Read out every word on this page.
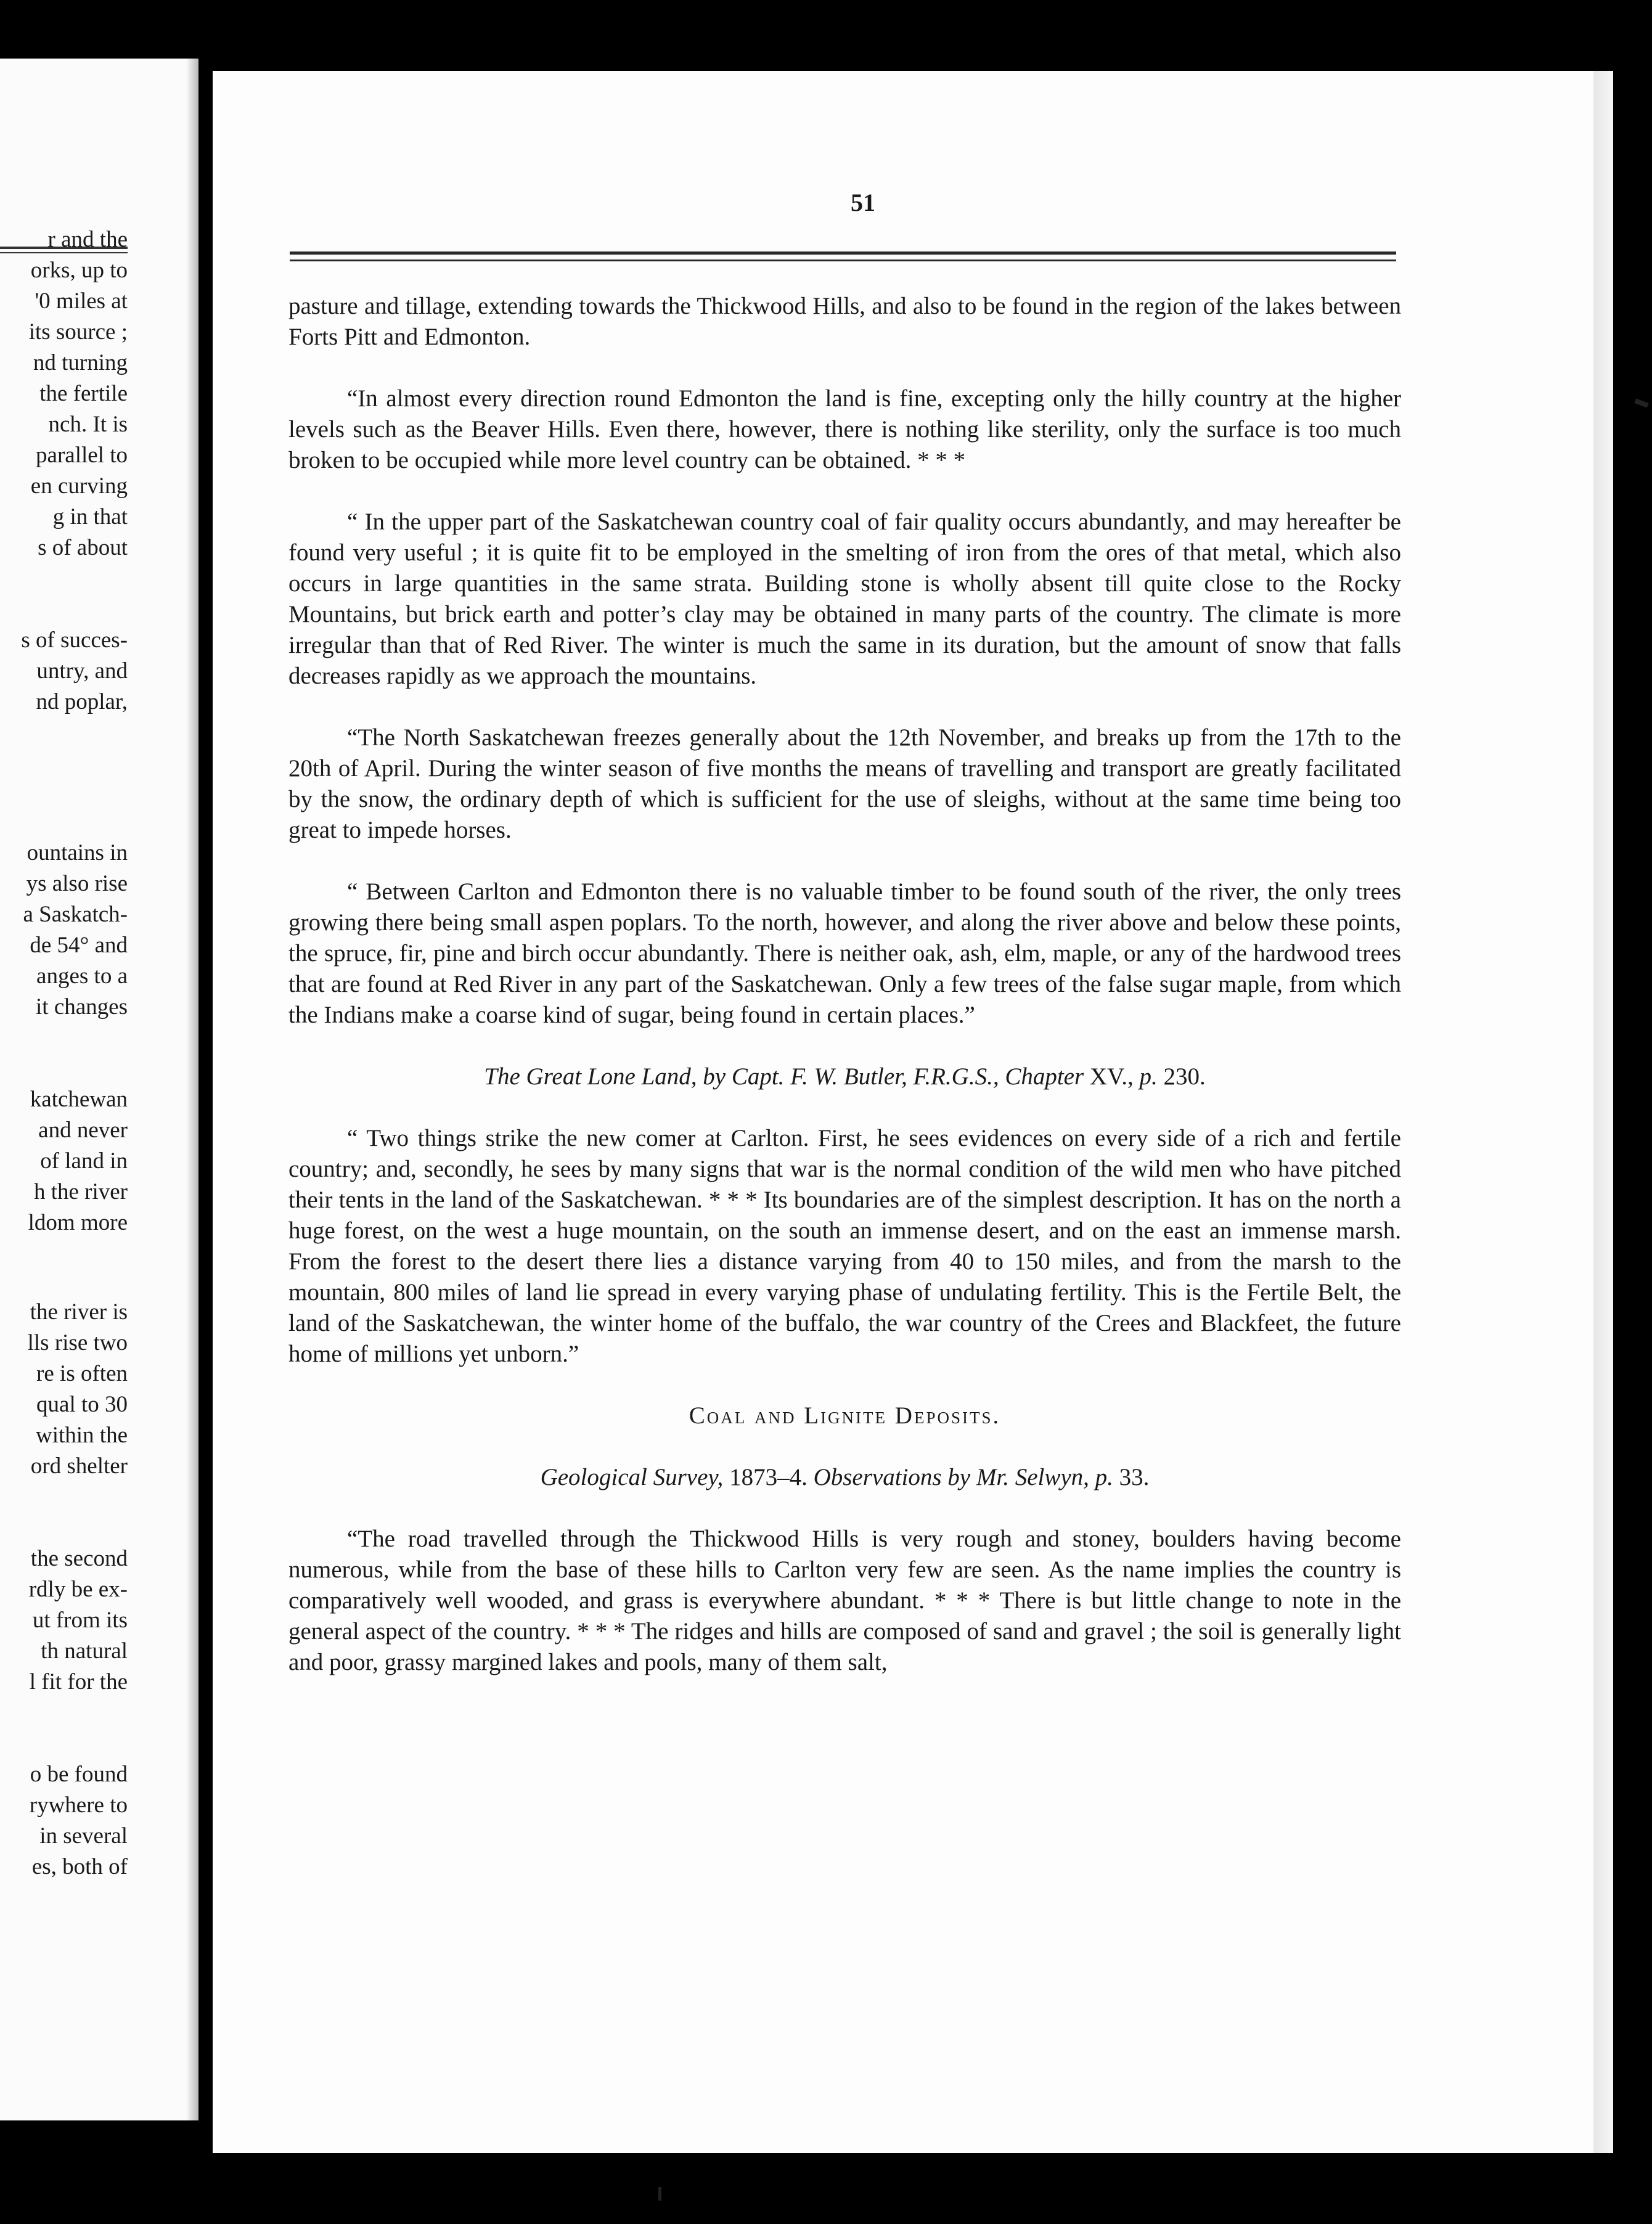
r and the
orks, up to
'0 miles at
its source ;
nd turning
the fertile
nch. It is
parallel to
en curving
g in that
s of about
s of succes-
untry, and
nd poplar,
ountains in
ys also rise
a Saskatch-
de 54° and
anges to a
it changes
katchewan
and never
of land in
h the river
ldom more
the river is
lls rise two
re is often
qual to 30
within the
ord shelter
the second
rdly be ex-
ut from its
th natural
l fit for the
o be found
rywhere to
in several
es, both of
51

pasture and tillage, extending towards the Thickwood Hills, and also to be found in the region of the lakes between Forts Pitt and Edmonton.

“In almost every direction round Edmonton the land is fine, excepting only the hilly country at the higher levels such as the Beaver Hills. Even there, however, there is nothing like sterility, only the surface is too much broken to be occupied while more level country can be obtained. * * *

“ In the upper part of the Saskatchewan country coal of fair quality occurs abundantly, and may hereafter be found very useful ; it is quite fit to be employed in the smelting of iron from the ores of that metal, which also occurs in large quantities in the same strata. Building stone is wholly absent till quite close to the Rocky Mountains, but brick earth and potter’s clay may be obtained in many parts of the country. The climate is more irregular than that of Red River. The winter is much the same in its duration, but the amount of snow that falls decreases rapidly as we approach the mountains.

“The North Saskatchewan freezes generally about the 12th November, and breaks up from the 17th to the 20th of April. During the winter season of five months the means of travelling and transport are greatly facilitated by the snow, the ordinary depth of which is sufficient for the use of sleighs, without at the same time being too great to impede horses.

“ Between Carlton and Edmonton there is no valuable timber to be found south of the river, the only trees growing there being small aspen poplars. To the north, however, and along the river above and below these points, the spruce, fir, pine and birch occur abundantly. There is neither oak, ash, elm, maple, or any of the hardwood trees that are found at Red River in any part of the Saskatchewan. Only a few trees of the false sugar maple, from which the Indians make a coarse kind of sugar, being found in certain places.”

The Great Lone Land, by Capt. F. W. Butler, F.R.G.S., Chapter XV., p. 230.

“ Two things strike the new comer at Carlton. First, he sees evidences on every side of a rich and fertile country; and, secondly, he sees by many signs that war is the normal condition of the wild men who have pitched their tents in the land of the Saskatchewan. * * * Its boundaries are of the simplest description. It has on the north a huge forest, on the west a huge mountain, on the south an immense desert, and on the east an immense marsh. From the forest to the desert there lies a distance varying from 40 to 150 miles, and from the marsh to the mountain, 800 miles of land lie spread in every varying phase of undulating fertility. This is the Fertile Belt, the land of the Saskatchewan, the winter home of the buffalo, the war country of the Crees and Blackfeet, the future home of millions yet unborn.”

Coal and Lignite Deposits.

Geological Survey, 1873–4. Observations by Mr. Selwyn, p. 33.

“The road travelled through the Thickwood Hills is very rough and stoney, boulders having become numerous, while from the base of these hills to Carlton very few are seen. As the name implies the country is comparatively well wooded, and grass is everywhere abundant. * * * There is but little change to note in the general aspect of the country. * * * The ridges and hills are composed of sand and gravel ; the soil is generally light and poor, grassy margined lakes and pools, many of them salt,
